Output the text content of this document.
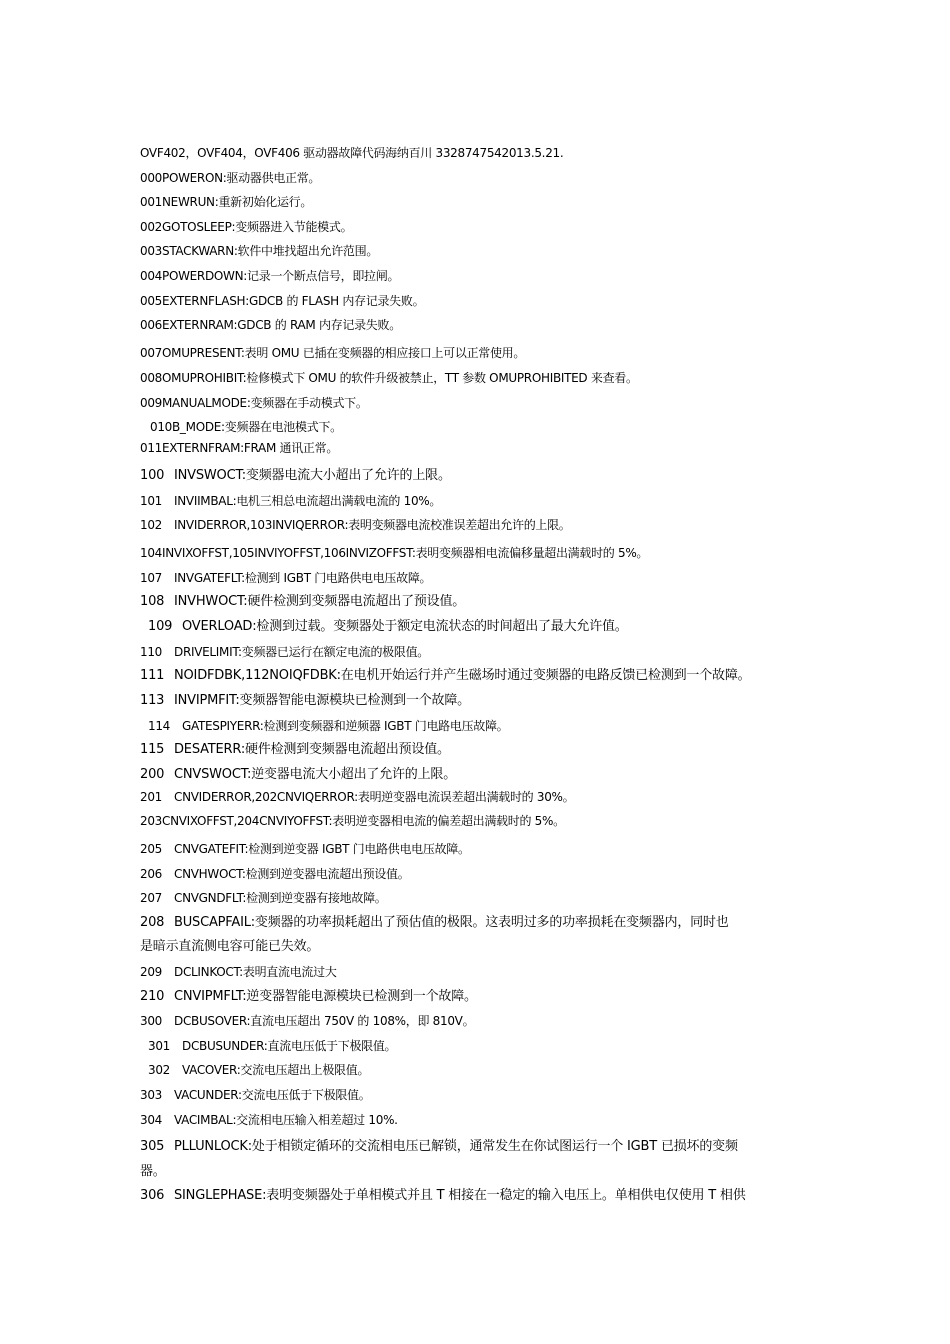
OVF402，OVF404，OVF406 驱动器故障代码海纳百川 3328747542013.5.21.
000POWERON:驱动器供电正常。
001NEWRUN:重新初始化运行。
002GOTOSLEEP:变频器进入节能模式。
003STACKWARN:软件中堆找超出允许范围。
004POWERDOWN:记录一个断点信号，即拉闸。
005EXTERNFLASH:GDCB 的 FLASH 内存记录失败。
006EXTERNRAM:GDCB 的 RAM 内存记录失败。
007OMUPRESENT:表明 OMU 已插在变频器的相应接口上可以正常使用。
008OMUPROHIBIT:检修模式下 OMU 的软件升级被禁止，TT 参数 OMUPROHIBITED 来查看。
009MANUALMODE:变频器在手动模式下。
010B_MODE:变频器在电池模式下。
011EXTERNFRAM:FRAM 通讯正常。
100 INVSWOCT:变频器电流大小超出了允许的上限。
101 INVIIMBAL:电机三相总电流超出满载电流的 10%。
102 INVIDERROR,103INVIQERROR:表明变频器电流校准误差超出允许的上限。
104INVIXOFFST,105INVIYOFFST,106INVIZOFFST:表明变频器相电流偏移量超出满载时的 5%。
107 INVGATEFLT:检测到 IGBT 门电路供电电压故障。
108 INVHWOCT:硬件检测到变频器电流超出了预设值。
109 OVERLOAD:检测到过载。变频器处于额定电流状态的时间超出了最大允许值。
110 DRIVELIMIT:变频器已运行在额定电流的极限值。
111 NOIDFDBK,112NOIQFDBK:在电机开始运行并产生磁场时通过变频器的电路反馈已检测到一个故障。
113 INVIPMFIT:变频器智能电源模块已检测到一个故障。
114 GATESPIYERR:检测到变频器和逆频器 IGBT 门电路电压故障。
115 DESATERR:硬件检测到变频器电流超出预设值。
200 CNVSWOCT:逆变器电流大小超出了允许的上限。
201 CNVIDERROR,202CNVIQERROR:表明逆变器电流误差超出满载时的 30%。
203CNVIXOFFST,204CNVIYOFFST:表明逆变器相电流的偏差超出满载时的 5%。
205 CNVGATEFIT:检测到逆变器 IGBT 门电路供电电压故障。
206 CNVHWOCT:检测到逆变器电流超出预设值。
207 CNVGNDFLT:检测到逆变器有接地故障。
208 BUSCAPFAIL:变频器的功率损耗超出了预估值的极限。这表明过多的功率损耗在变频器内，同时也
是暗示直流侧电容可能已失效。
209 DCLINKOCT:表明直流电流过大
210 CNVIPMFLT:逆变器智能电源模块已检测到一个故障。
300 DCBUSOVER:直流电压超出 750V 的 108%，即 810V。
301 DCBUSUNDER:直流电压低于下极限值。
302 VACOVER:交流电压超出上极限值。
303 VACUNDER:交流电压低于下极限值。
304 VACIMBAL:交流相电压输入相差超过 10%.
305 PLLUNLOCK:处于相锁定循环的交流相电压已解锁，通常发生在你试图运行一个 IGBT 已损坏的变频
器。
306 SINGLEPHASE:表明变频器处于单相模式并且 T 相接在一稳定的输入电压上。单相供电仅使用 T 相供
